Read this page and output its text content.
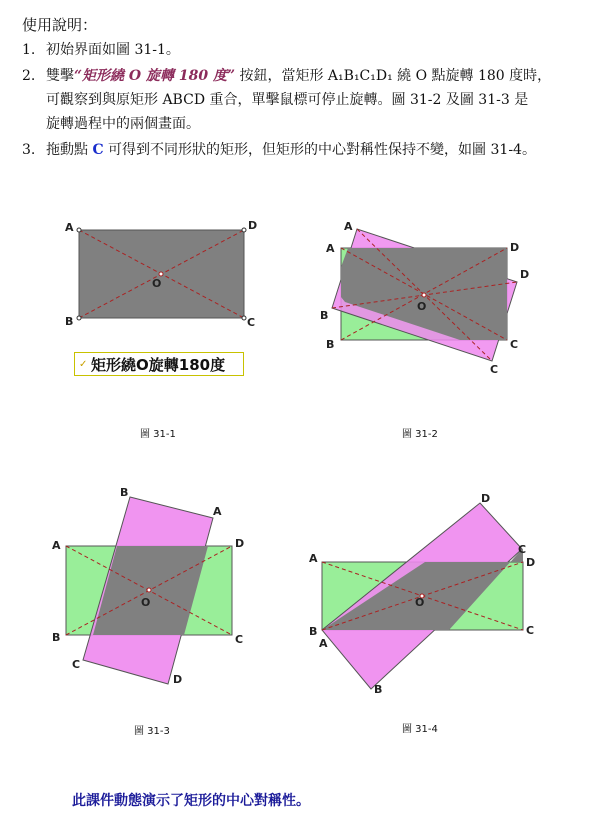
使用說明：
1. 初始界面如圖 31-1。
2. 雙擊“矩形繞 O 旋轉 180 度” 按鈕，當矩形 A₁B₁C₁D₁ 繞 O 點旋轉 180 度時，
可觀察到與原矩形 ABCD 重合，單擊鼠標可停止旋轉。圖 31-2 及圖 31-3 是
旋轉過程中的兩個畫面。
3. 拖動點 C 可得到不同形狀的矩形，但矩形的中心對稱性保持不變，如圖 31-4。
A	D
B	C
O
✓ 矩形繞O旋轉180度
圖 31-1
A
A	D
D
B
B	C
C
O
圖 31-2
B
A
A	D
B	C
C
D
O
圖 31-3
D
C
A	D
B
A
C
B
O
圖 31-4
此課件動態演示了矩形的中心對稱性。
